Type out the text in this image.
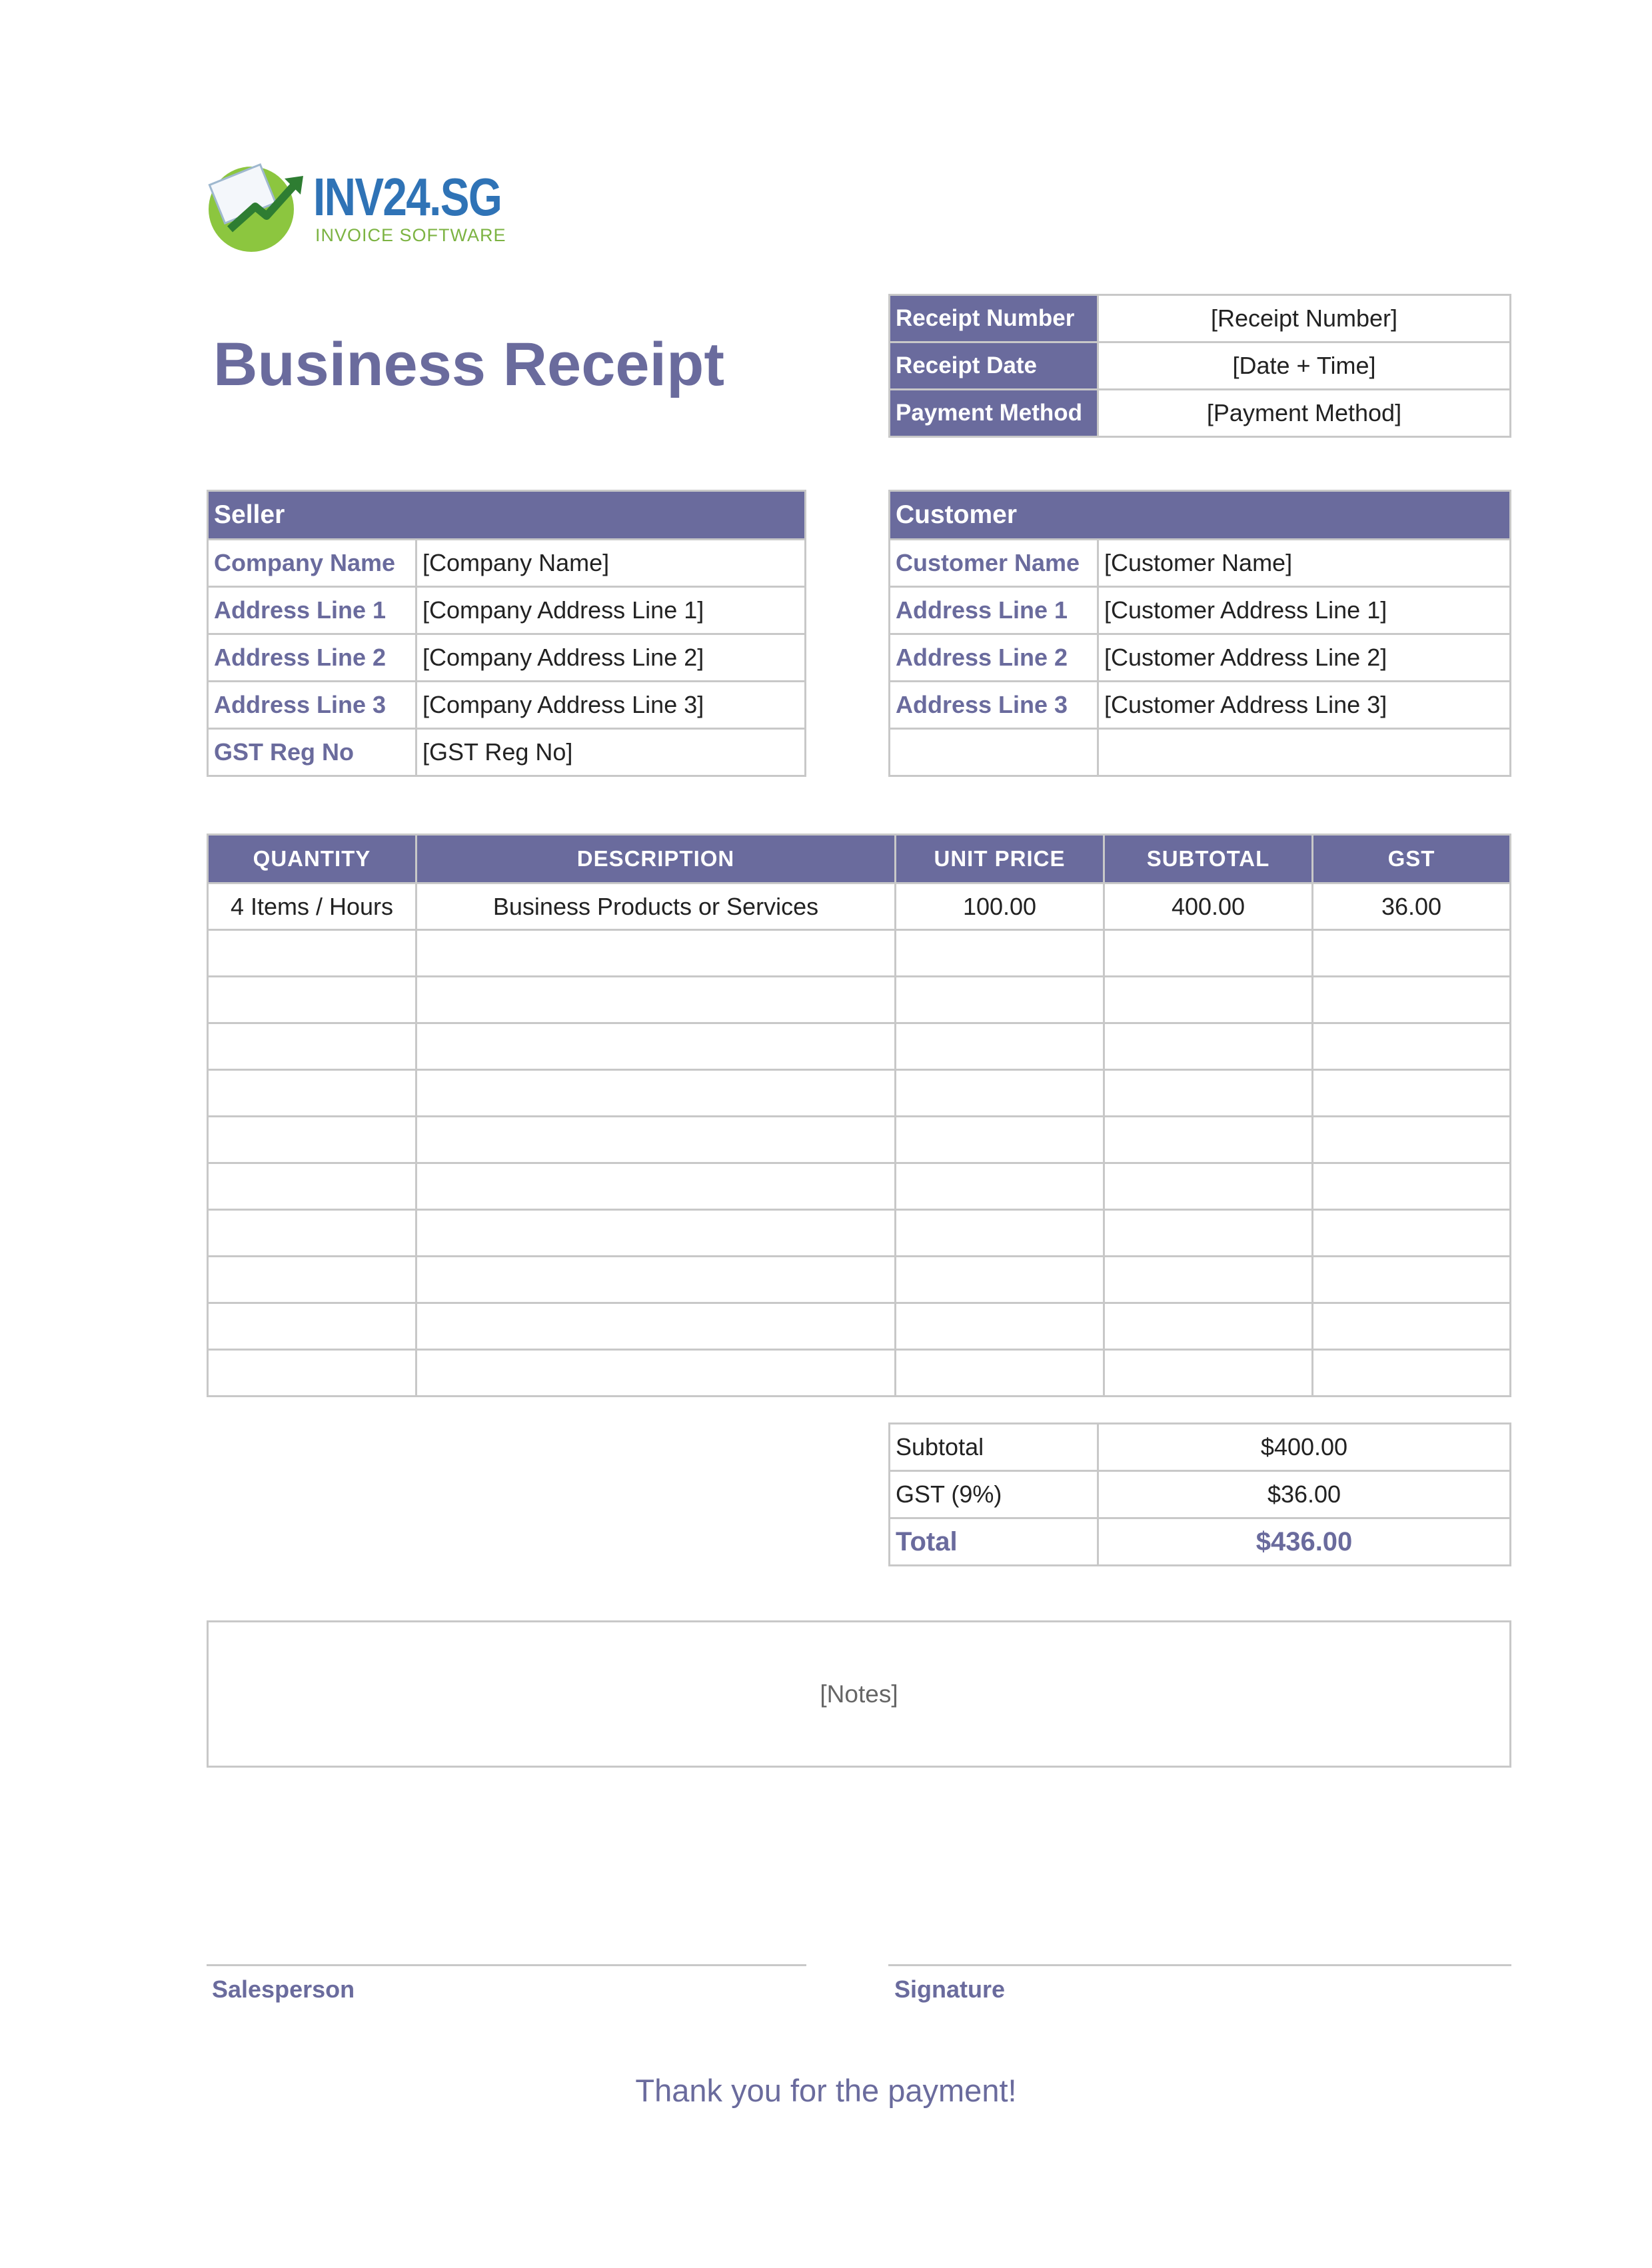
INV24.SG
INVOICE SOFTWARE
Business Receipt
Receipt Number	[Receipt Number]
Receipt Date	[Date + Time]
Payment Method	[Payment Method]
Seller	
Company Name	[Company Name]
Address Line 1	[Company Address Line 1]
Address Line 2	[Company Address Line 2]
Address Line 3	[Company Address Line 3]
GST Reg No	[GST Reg No]
Customer	
Customer Name	[Customer Name]
Address Line 1	[Customer Address Line 1]
Address Line 2	[Customer Address Line 2]
Address Line 3	[Customer Address Line 3]

QUANTITY	DESCRIPTION	UNIT PRICE	SUBTOTAL	GST
4 Items / Hours	Business Products or Services	100.00	400.00	36.00

Subtotal	$400.00
GST (9%)	$36.00
Total	$436.00
[Notes]
Salesperson	Signature
Thank you for the payment!
